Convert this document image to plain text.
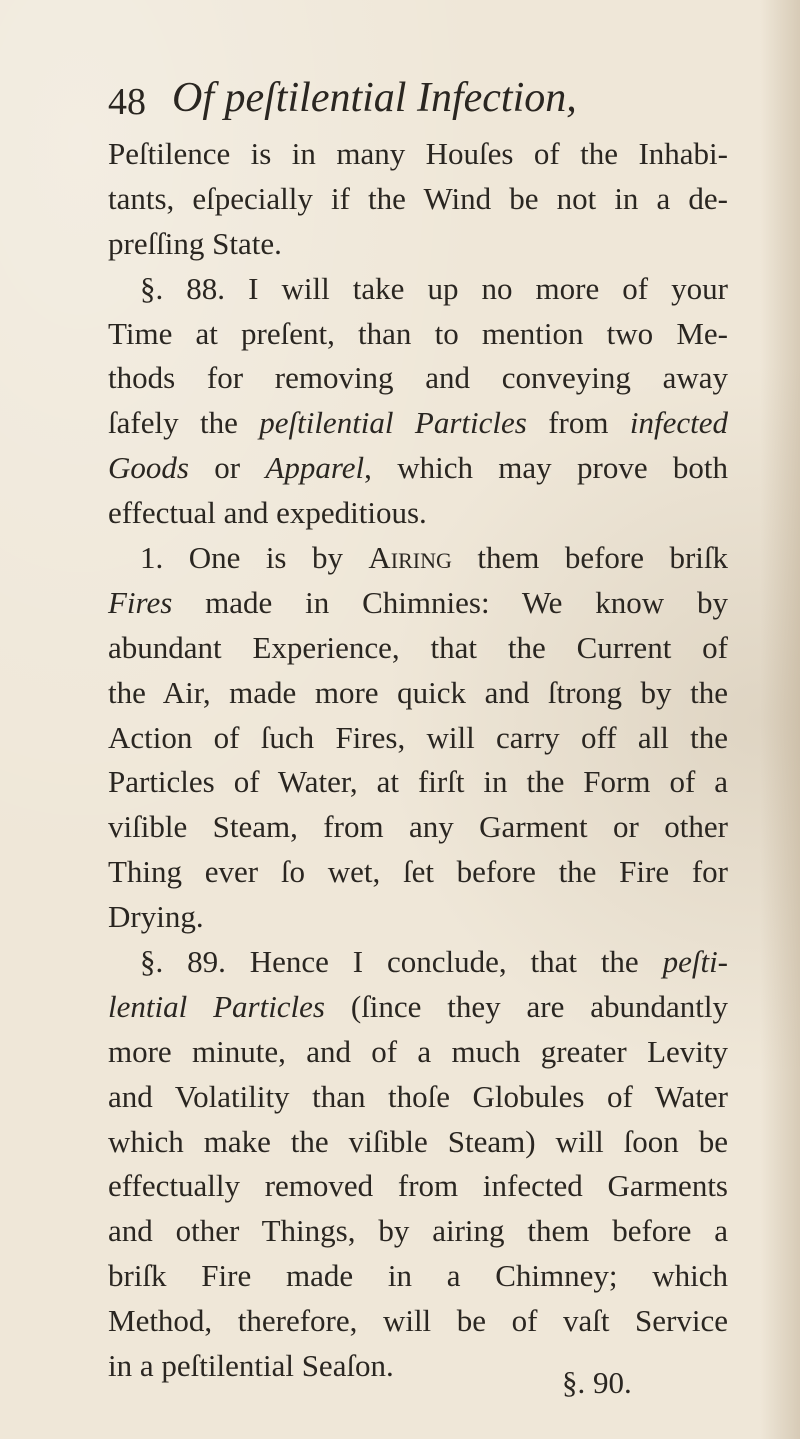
48 Of peſtilential Infection,
Peſtilence is in many Houſes of the Inhabi-
tants, eſpecially if the Wind be not in a de-
preſſing State.
§. 88. I will take up no more of your
Time at preſent, than to mention two Me-
thods for removing and conveying away
ſafely the peſtilential Particles from infected
Goods or Apparel, which may prove both
effectual and expeditious.
1. One is by Airing them before briſk
Fires made in Chimnies: We know by
abundant Experience, that the Current of
the Air, made more quick and ſtrong by the
Action of ſuch Fires, will carry off all the
Particles of Water, at firſt in the Form of a
viſible Steam, from any Garment or other
Thing ever ſo wet, ſet before the Fire for
Drying.
§. 89. Hence I conclude, that the peſti-
lential Particles (ſince they are abundantly
more minute, and of a much greater Levity
and Volatility than thoſe Globules of Water
which make the viſible Steam) will ſoon be
effectually removed from infected Garments
and other Things, by airing them before a
briſk Fire made in a Chimney; which
Method, therefore, will be of vaſt Service
in a peſtilential Seaſon.	§. 90.
